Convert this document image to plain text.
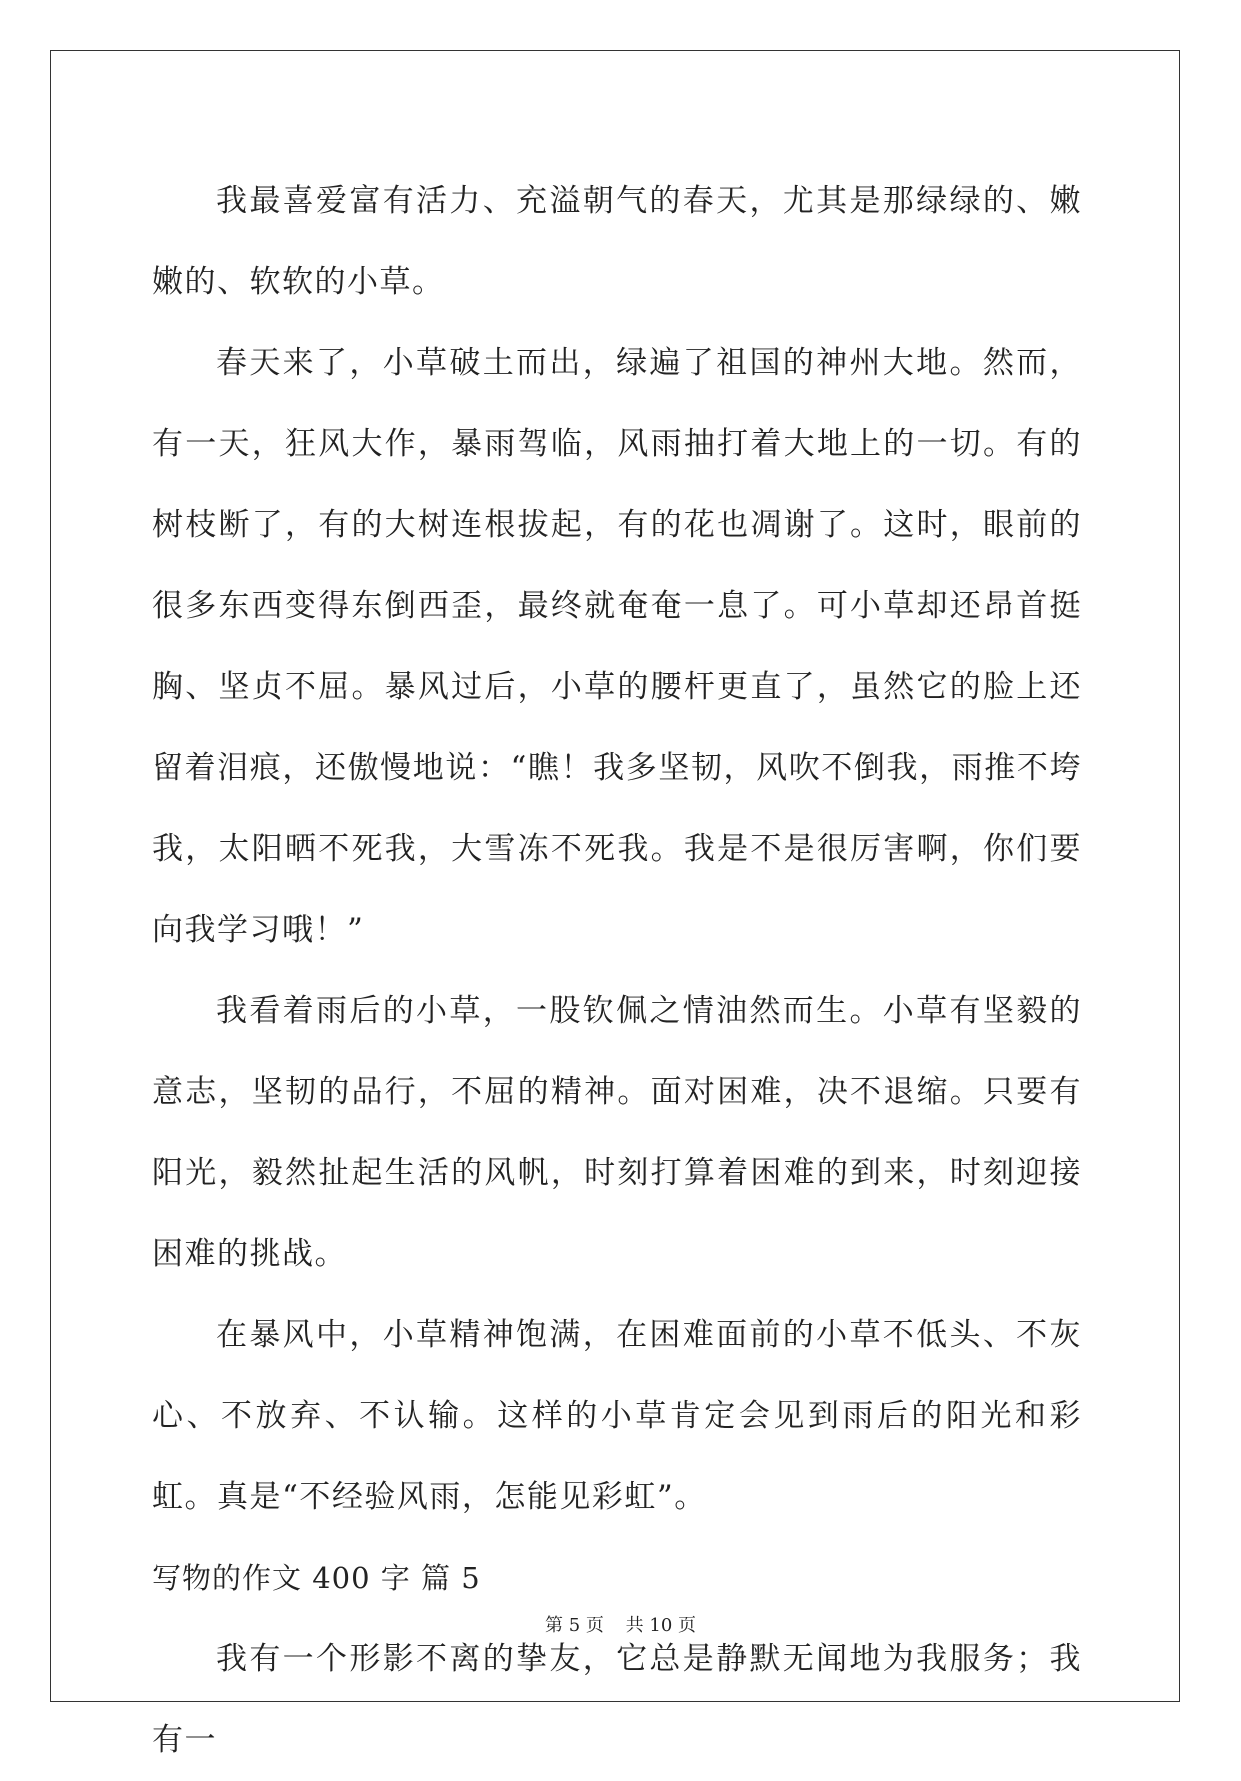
我最喜爱富有活力、充溢朝气的春天，尤其是那绿绿的、嫩嫩的、软软的小草。

春天来了，小草破土而出，绿遍了祖国的神州大地。然而，有一天，狂风大作，暴雨驾临，风雨抽打着大地上的一切。有的树枝断了，有的大树连根拔起，有的花也凋谢了。这时，眼前的很多东西变得东倒西歪，最终就奄奄一息了。可小草却还昂首挺胸、坚贞不屈。暴风过后，小草的腰杆更直了，虽然它的脸上还留着泪痕，还傲慢地说：“瞧！我多坚韧，风吹不倒我，雨推不垮我，太阳晒不死我，大雪冻不死我。我是不是很厉害啊，你们要向我学习哦！”

我看着雨后的小草，一股钦佩之情油然而生。小草有坚毅的意志，坚韧的品行，不屈的精神。面对困难，决不退缩。只要有阳光，毅然扯起生活的风帆，时刻打算着困难的到来，时刻迎接困难的挑战。

在暴风中，小草精神饱满，在困难面前的小草不低头、不灰心、不放弃、不认输。这样的小草肯定会见到雨后的阳光和彩虹。真是“不经验风雨，怎能见彩虹”。

写物的作文 400 字 篇 5

我有一个形影不离的挚友，它总是静默无闻地为我服务；我有一

第 5 页 共 10 页
